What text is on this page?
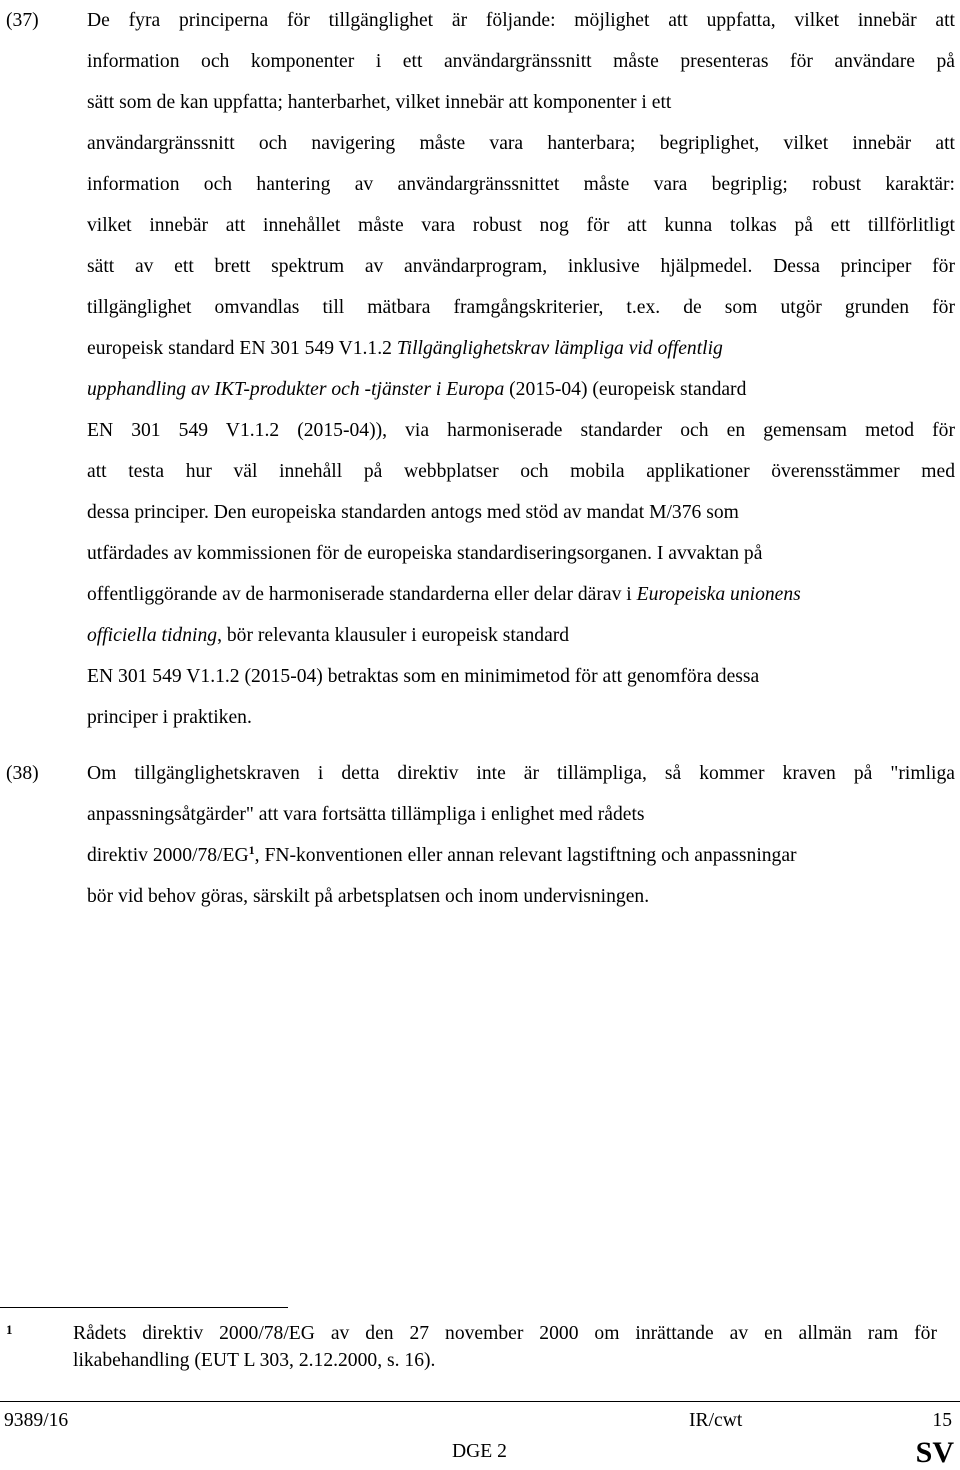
(37) De fyra principerna för tillgänglighet är följande: möjlighet att uppfatta, vilket innebär att
information och komponenter i ett användargränssnitt måste presenteras för användare på
sätt som de kan uppfatta; hanterbarhet, vilket innebär att komponenter i ett
användargränssnitt och navigering måste vara hanterbara; begriplighet, vilket innebär att
information och hantering av användargränssnittet måste vara begriplig; robust karaktär:
vilket innebär att innehållet måste vara robust nog för att kunna tolkas på ett tillförlitligt
sätt av ett brett spektrum av användarprogram, inklusive hjälpmedel. Dessa principer för
tillgänglighet omvandlas till mätbara framgångskriterier, t.ex. de som utgör grunden för
europeisk standard EN 301 549 V1.1.2 Tillgänglighetskrav lämpliga vid offentlig
upphandling av IKT-produkter och -tjänster i Europa (2015-04) (europeisk standard
EN 301 549 V1.1.2 (2015-04)), via harmoniserade standarder och en gemensam metod för
att testa hur väl innehåll på webbplatser och mobila applikationer överensstämmer med
dessa principer. Den europeiska standarden antogs med stöd av mandat M/376 som
utfärdades av kommissionen för de europeiska standardiseringsorganen. I avvaktan på
offentliggörande av de harmoniserade standarderna eller delar därav i Europeiska unionens
officiella tidning, bör relevanta klausuler i europeisk standard
EN 301 549 V1.1.2 (2015-04) betraktas som en minimimetod för att genomföra dessa
principer i praktiken.
(38) Om tillgänglighetskraven i detta direktiv inte är tillämpliga, så kommer kraven på "rimliga
anpassningsåtgärder" att vara fortsätta tillämpliga i enlighet med rådets
direktiv 2000/78/EG$^1$, FN-konventionen eller annan relevant lagstiftning och anpassningar
bör vid behov göras, särskilt på arbetsplatsen och inom undervisningen.
1	Rådets direktiv 2000/78/EG av den 27 november 2000 om inrättande av en allmän ram för
likabehandling (EUT L 303, 2.12.2000, s. 16).
9389/16	IR/cwt	15
DGE 2	SV
